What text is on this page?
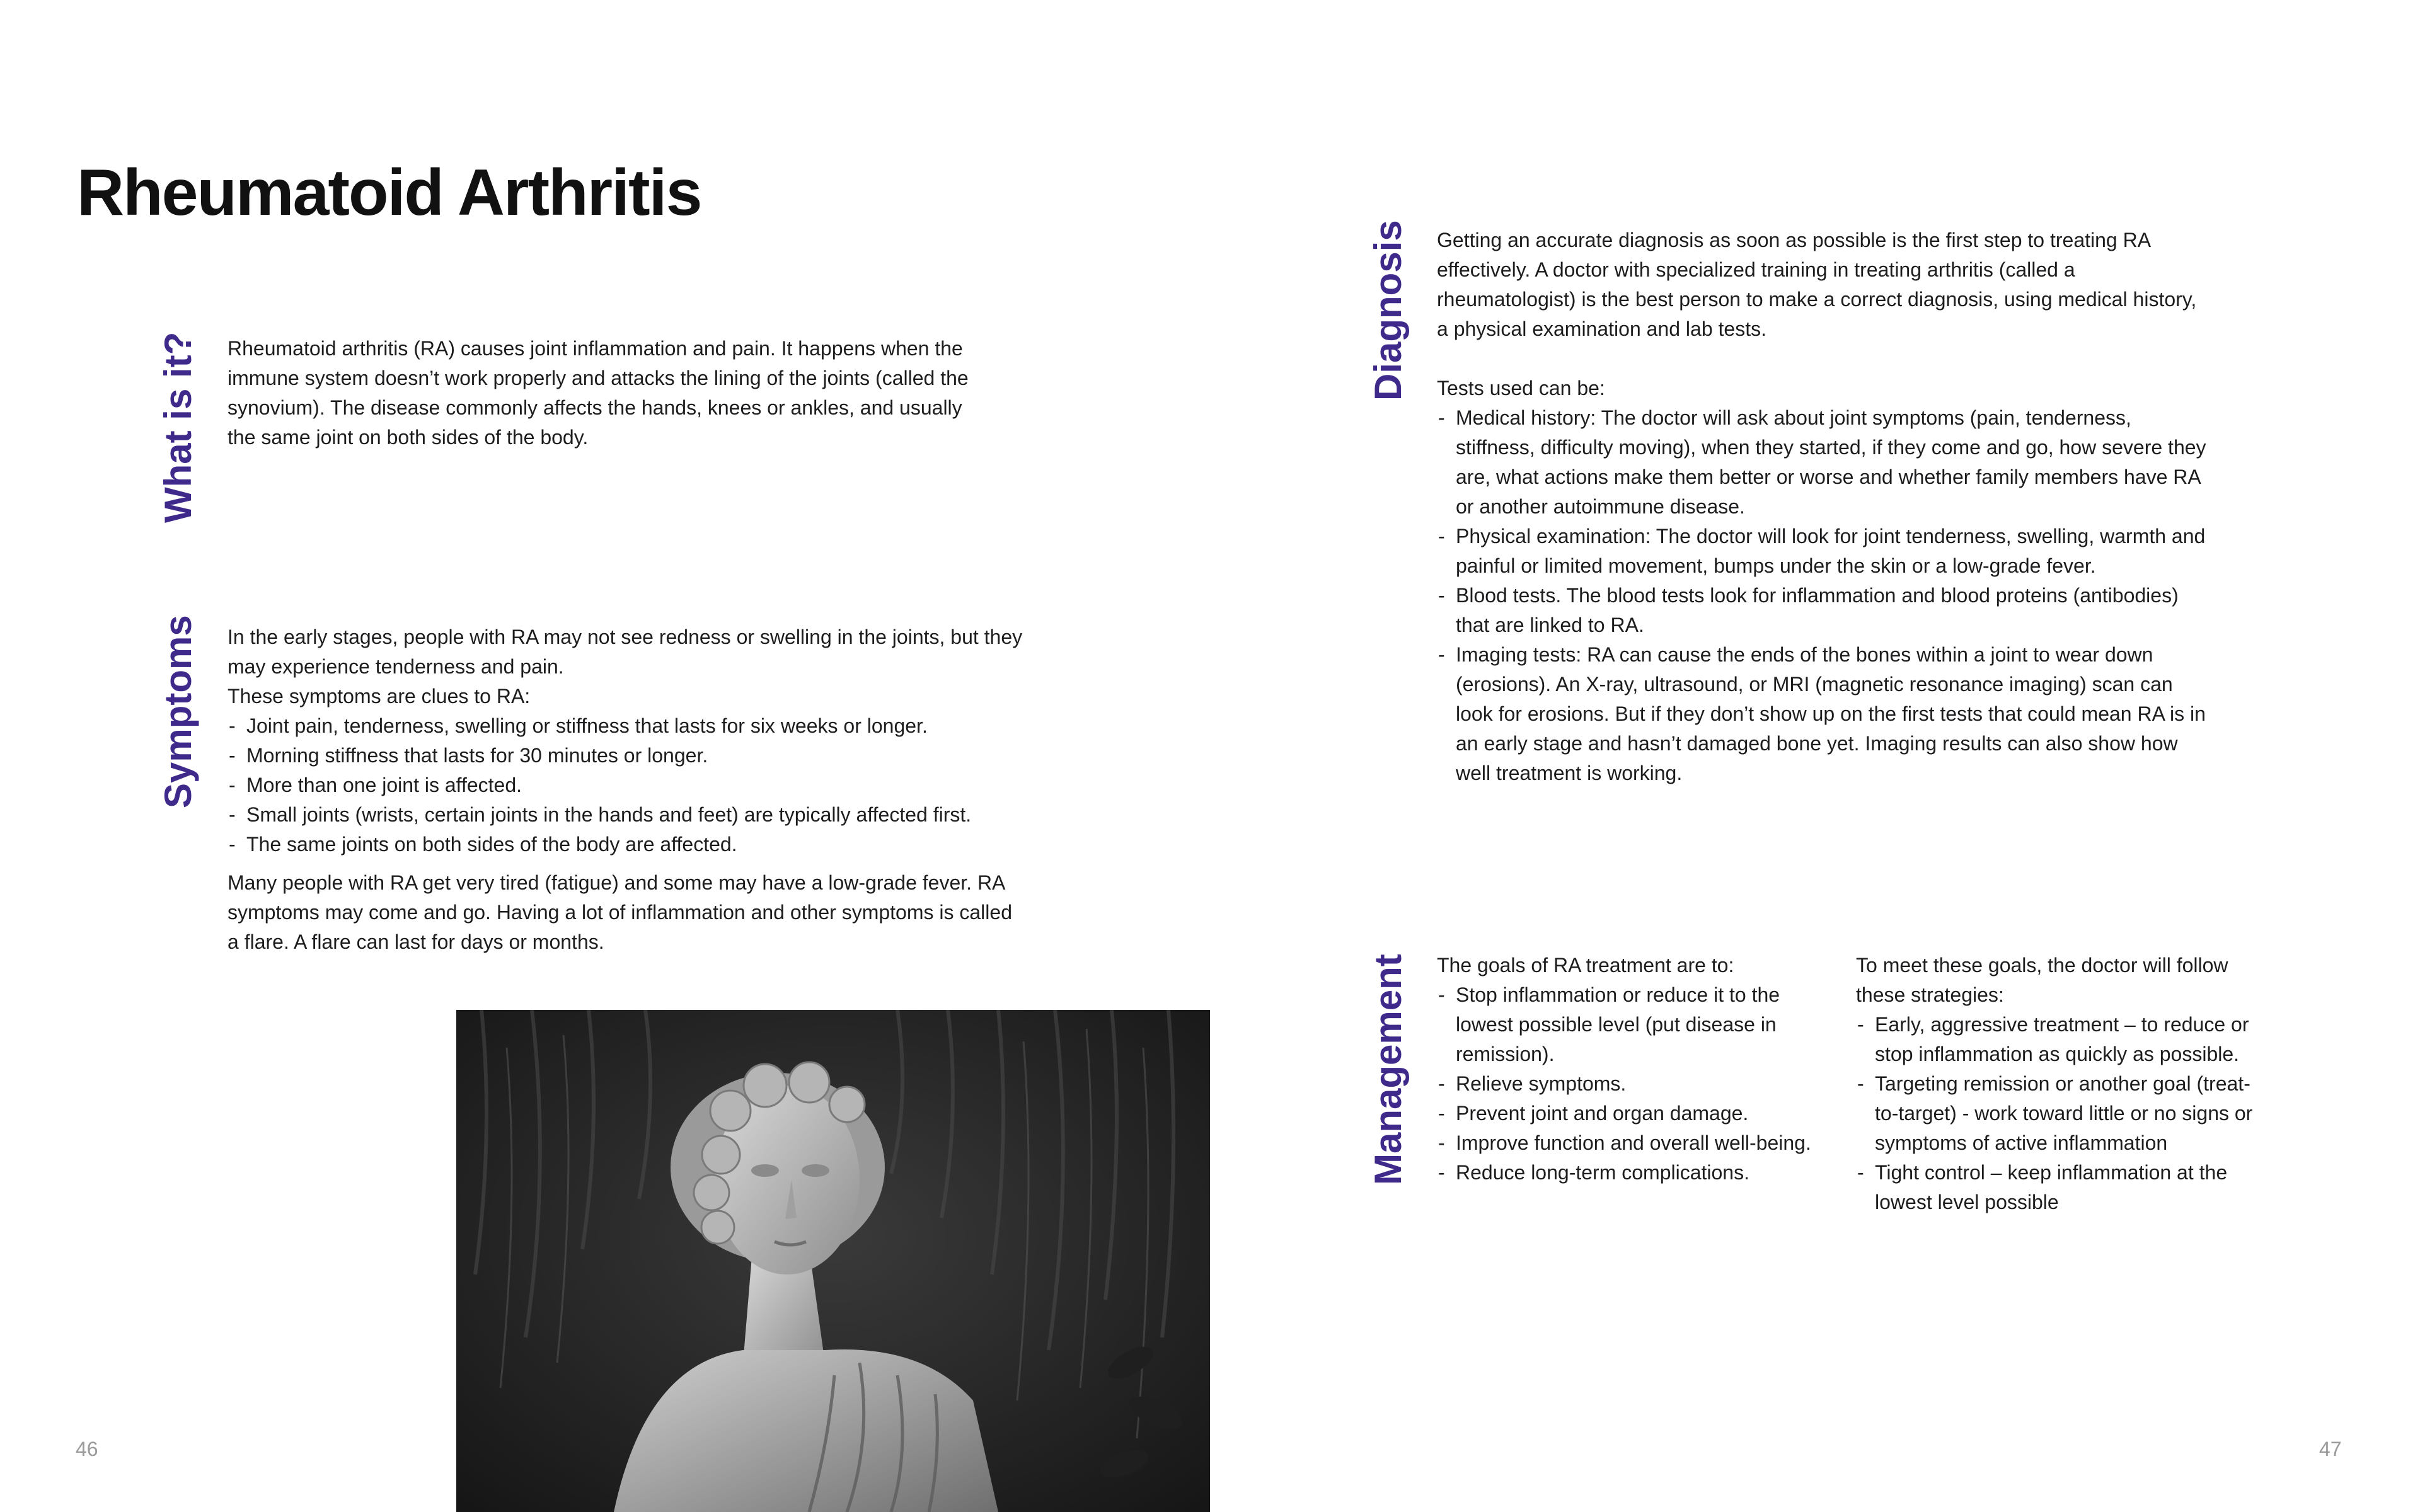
Rheumatoid Arthritis
What is it? Rheumatoid arthritis (RA) causes joint inflammation and pain. It happens when the immune system doesn’t work properly and attacks the lining of the joints (called the synovium). The disease commonly affects the hands, knees or ankles, and usually the same joint on both sides of the body.
Symptoms In the early stages, people with RA may not see redness or swelling in the joints, but they may experience tenderness and pain.

These symptoms are clues to RA:

- Joint pain, tenderness, swelling or stiffness that lasts for six weeks or longer.
- Morning stiffness that lasts for 30 minutes or longer.
- More than one joint is affected.
- Small joints (wrists, certain joints in the hands and feet) are typically affected first.
- The same joints on both sides of the body are affected.

Many people with RA get very tired (fatigue) and some may have a low-grade fever. RA symptoms may come and go. Having a lot of inflammation and other symptoms is called a flare. A flare can last for days or months.

Diagnosis Getting an accurate diagnosis as soon as possible is the first step to treating RA effectively. A doctor with specialized training in treating arthritis (called a rheumatologist) is the best person to make a correct diagnosis, using medical history, a physical examination and lab tests.

Tests used can be:

- Medical history: The doctor will ask about joint symptoms (pain, tenderness, stiffness, difficulty moving), when they started, if they come and go, how severe they are, what actions make them better or worse and whether family members have RA or another autoimmune disease.
- Physical examination: The doctor will look for joint tenderness, swelling, warmth and painful or limited movement, bumps under the skin or a low-grade fever.
- Blood tests. The blood tests look for inflammation and blood proteins (antibodies) that are linked to RA.
- Imaging tests: RA can cause the ends of the bones within a joint to wear down (erosions). An X-ray, ultrasound, or MRI (magnetic resonance imaging) scan can look for erosions. But if they don’t show up on the first tests that could mean RA is in an early stage and hasn’t damaged bone yet. Imaging results can also show how well treatment is working.
Management The goals of RA treatment are to:

- Stop inflammation or reduce it to the lowest possible level (put disease in remission).
- Relieve symptoms.
- Prevent joint and organ damage.
- Improve function and overall well-being.
- Reduce long-term complications.

To meet these goals, the doctor will follow these strategies:

- Early, aggressive treatment – to reduce or stop inflammation as quickly as possible.
- Targeting remission or another goal (treat-to-target) - work toward little or no signs or symptoms of active inflammation
- Tight control – keep inflammation at the lowest level possible
46	47
